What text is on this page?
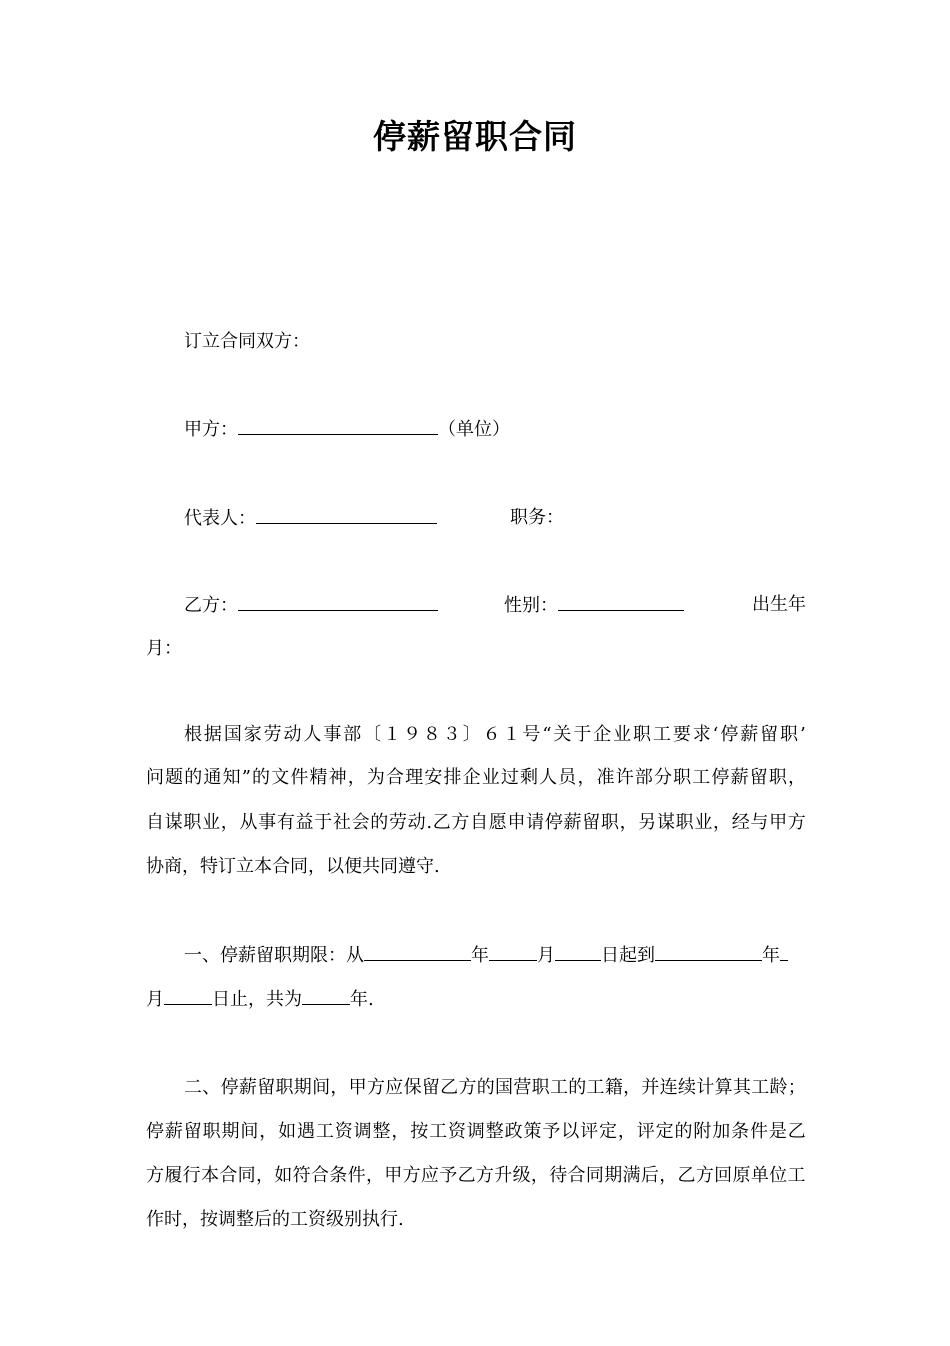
停薪留职合同
订立合同双方：
甲方：	（单位）
代表人：	职务：
乙方：	性别：	出生年
月：
根 据 国 家 劳 动 人 事 部 〔 １ ９ ８ ３ 〕 ６ １ 号 “ 关 于 企 业 职 工 要 求 ‘ 停 薪 留 职 ’
问 题 的 通 知 ” 的 文 件 精 神 ， 为 合 理 安 排 企 业 过 剩 人 员 ， 准 许 部 分 职 工 停 薪 留 职 ，
自 谋 职 业 ， 从 事 有 益 于 社 会 的 劳 动 . 乙 方 自 愿 申 请 停 薪 留 职 ， 另 谋 职 业 ， 经 与 甲 方
协商，特订立本合同，以便共同遵守.
一、停薪留职期限：从	年	月	日起到	年
月	日止，共为	年.
二 、 停 薪 留 职 期 间 ， 甲 方 应 保 留 乙 方 的 国 营 职 工 的 工 籍 ， 并 连 续 计 算 其 工 龄 ；
停 薪 留 职 期 间 ， 如 遇 工 资 调 整 ， 按 工 资 调 整 政 策 予 以 评 定 ， 评 定 的 附 加 条 件 是 乙
方 履 行 本 合 同 ， 如 符 合 条 件 ， 甲 方 应 予 乙 方 升 级 ， 待 合 同 期 满 后 ， 乙 方 回 原 单 位 工
作时，按调整后的工资级别执行.
